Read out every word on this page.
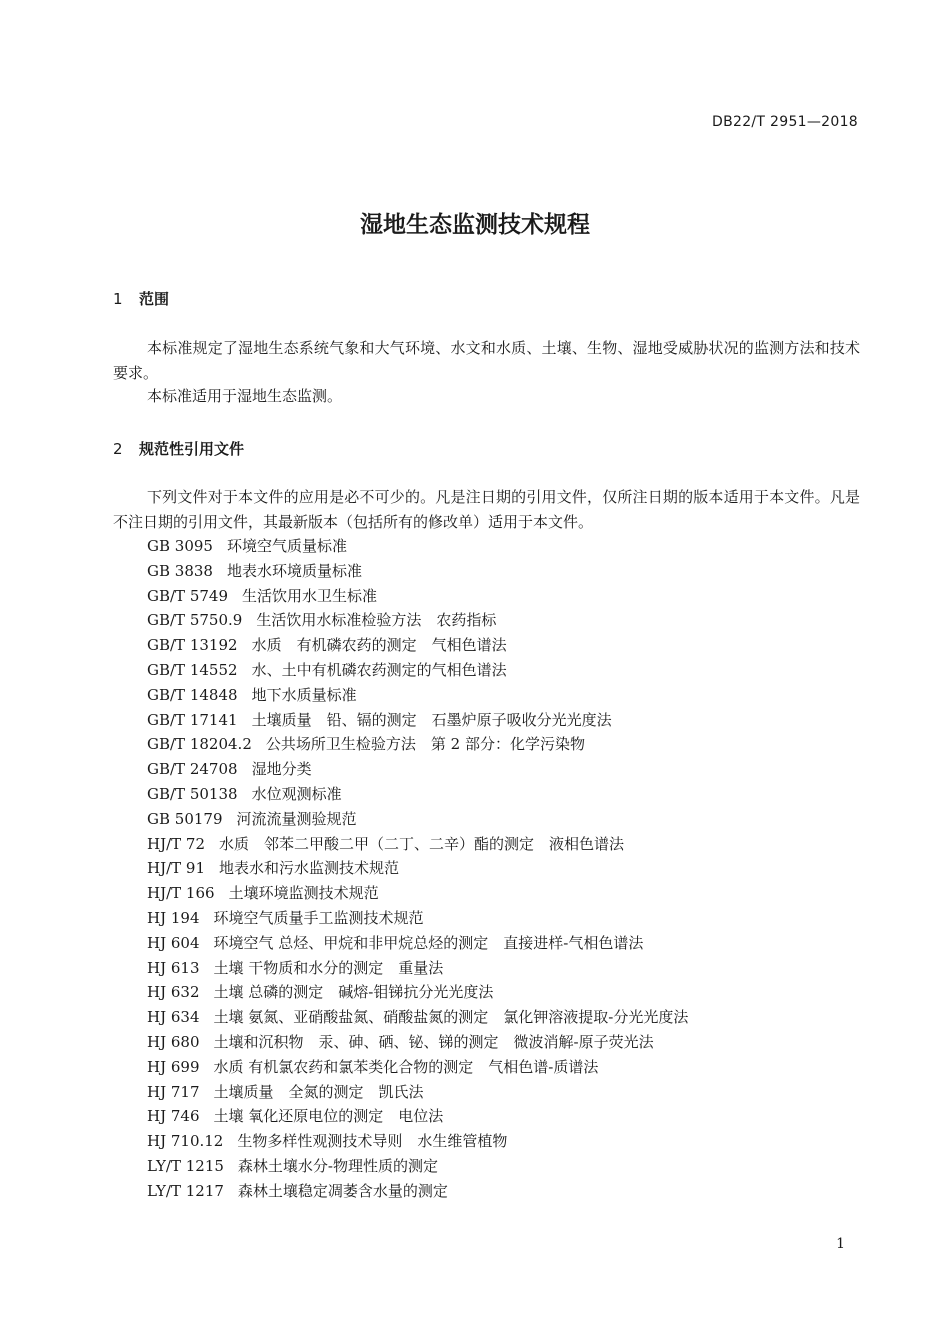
DB22/T 2951—2018
湿地生态监测技术规程
1 范围
本标准规定了湿地生态系统气象和大气环境、水文和水质、土壤、生物、湿地受威胁状况的监测方法和技术要求。
本标准适用于湿地生态监测。
2 规范性引用文件
下列文件对于本文件的应用是必不可少的。凡是注日期的引用文件，仅所注日期的版本适用于本文件。凡是不注日期的引用文件，其最新版本（包括所有的修改单）适用于本文件。
GB 3095 环境空气质量标准
GB 3838 地表水环境质量标准
GB/T 5749 生活饮用水卫生标准
GB/T 5750.9 生活饮用水标准检验方法　农药指标
GB/T 13192 水质　有机磷农药的测定　气相色谱法
GB/T 14552 水、土中有机磷农药测定的气相色谱法
GB/T 14848 地下水质量标准
GB/T 17141 土壤质量　铅、镉的测定　石墨炉原子吸收分光光度法
GB/T 18204.2 公共场所卫生检验方法　第 2 部分：化学污染物
GB/T 24708 湿地分类
GB/T 50138 水位观测标准
GB 50179 河流流量测验规范
HJ/T 72 水质　邻苯二甲酸二甲（二丁、二辛）酯的测定　液相色谱法
HJ/T 91 地表水和污水监测技术规范
HJ/T 166 土壤环境监测技术规范
HJ 194 环境空气质量手工监测技术规范
HJ 604 环境空气 总烃、甲烷和非甲烷总烃的测定　直接进样-气相色谱法
HJ 613 土壤 干物质和水分的测定　重量法
HJ 632 土壤 总磷的测定　碱熔-钼锑抗分光光度法
HJ 634 土壤 氨氮、亚硝酸盐氮、硝酸盐氮的测定　氯化钾溶液提取-分光光度法
HJ 680 土壤和沉积物　汞、砷、硒、铋、锑的测定　微波消解-原子荧光法
HJ 699 水质 有机氯农药和氯苯类化合物的测定　气相色谱-质谱法
HJ 717 土壤质量　全氮的测定　凯氏法
HJ 746 土壤 氧化还原电位的测定　电位法
HJ 710.12 生物多样性观测技术导则　水生维管植物
LY/T 1215 森林土壤水分-物理性质的测定
LY/T 1217 森林土壤稳定凋萎含水量的测定
1
